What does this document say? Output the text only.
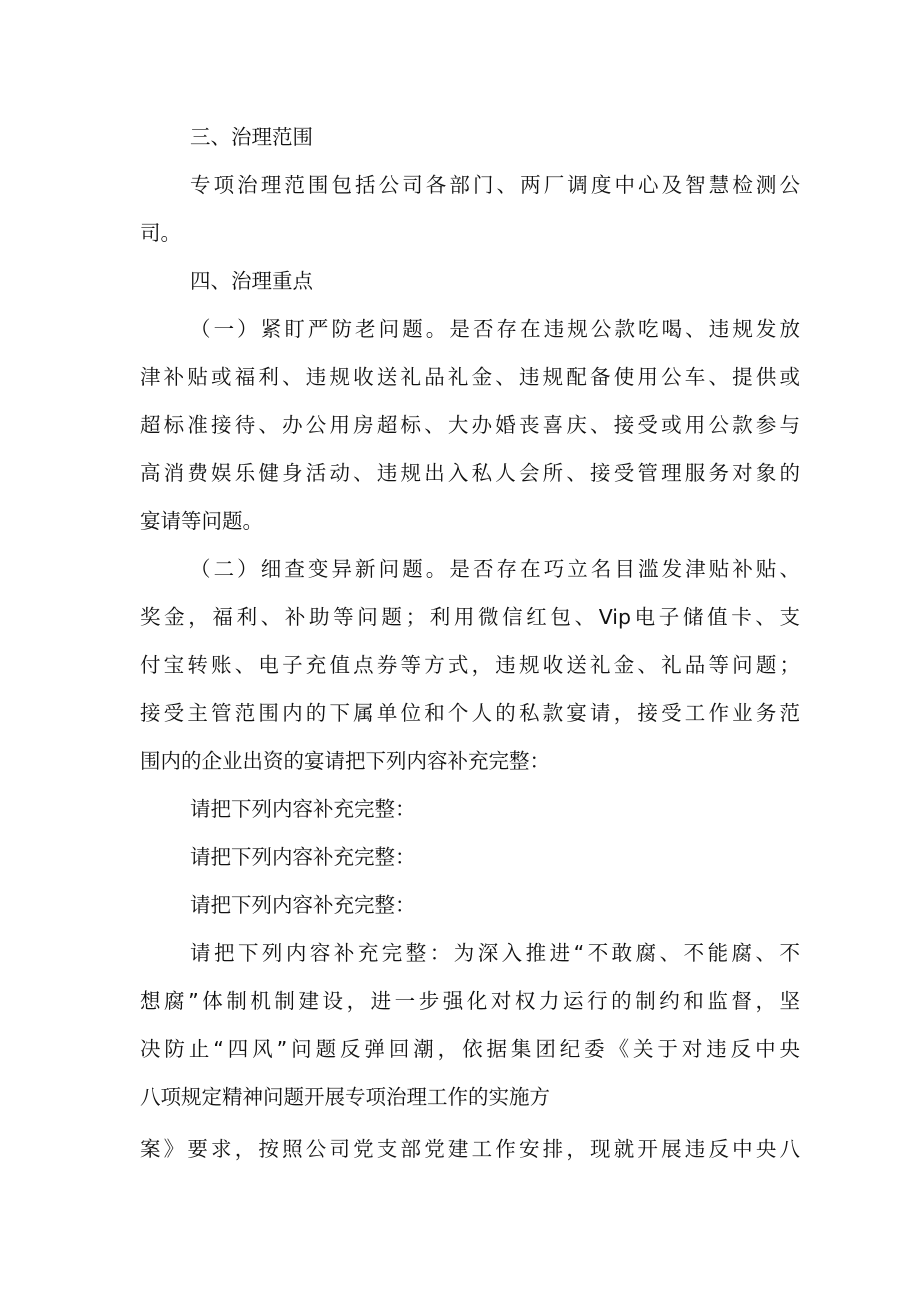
三、治理范围
专项治理范围包括公司各部门、两厂调度中心及智慧检测公
司。
四、治理重点
（一）紧盯严防老问题。是否存在违规公款吃喝、违规发放
津补贴或福利、违规收送礼品礼金、违规配备使用公车、提供或
超标准接待、办公用房超标、大办婚丧喜庆、接受或用公款参与
高消费娱乐健身活动、违规出入私人会所、接受管理服务对象的
宴请等问题。
（二）细查变异新问题。是否存在巧立名目滥发津贴补贴、
奖金，福利、补助等问题；利用微信红包、Vip电子储值卡、支
付宝转账、电子充值点券等方式，违规收送礼金、礼品等问题；
接受主管范围内的下属单位和个人的私款宴请，接受工作业务范
围内的企业出资的宴请把下列内容补充完整：
请把下列内容补充完整：
请把下列内容补充完整：
请把下列内容补充完整：
请把下列内容补充完整：为深入推进“不敢腐、不能腐、不
想腐”体制机制建设，进一步强化对权力运行的制约和监督，坚
决防止“四风”问题反弹回潮，依据集团纪委《关于对违反中央
八项规定精神问题开展专项治理工作的实施方
案》要求，按照公司党支部党建工作安排，现就开展违反中央八
